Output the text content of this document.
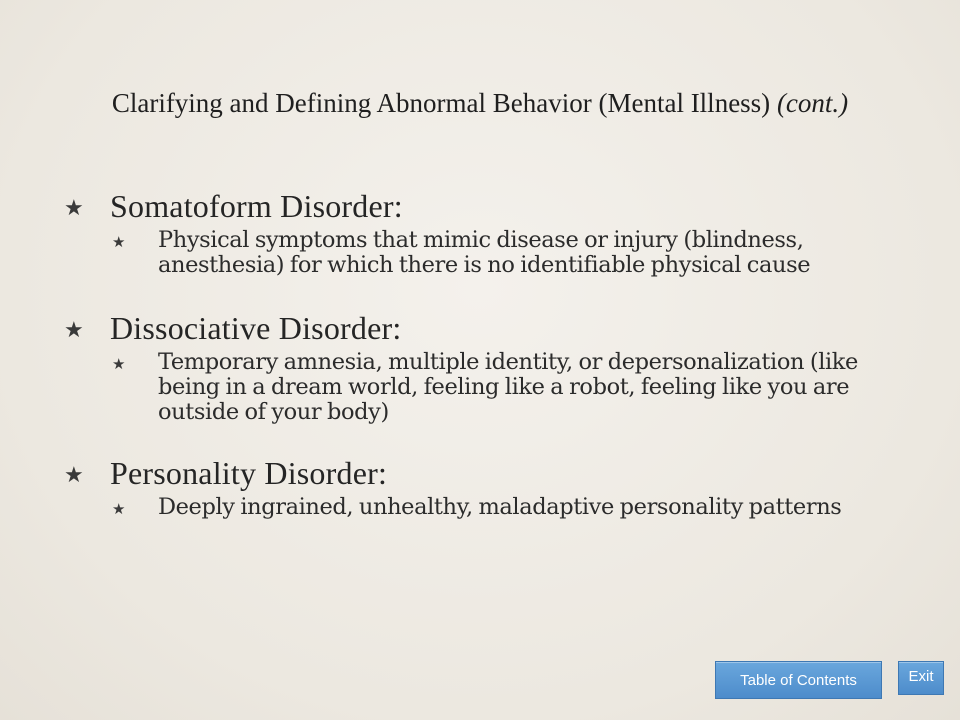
Clarifying and Defining Abnormal Behavior (Mental Illness) (cont.)
★ Somatoform Disorder:
★ Physical symptoms that mimic disease or injury (blindness, anesthesia) for which there is no identifiable physical cause
★ Dissociative Disorder:
★ Temporary amnesia, multiple identity, or depersonalization (like being in a dream world, feeling like a robot, feeling like you are outside of your body)
★ Personality Disorder:
★ Deeply ingrained, unhealthy, maladaptive personality patterns
Table of Contents	Exit
